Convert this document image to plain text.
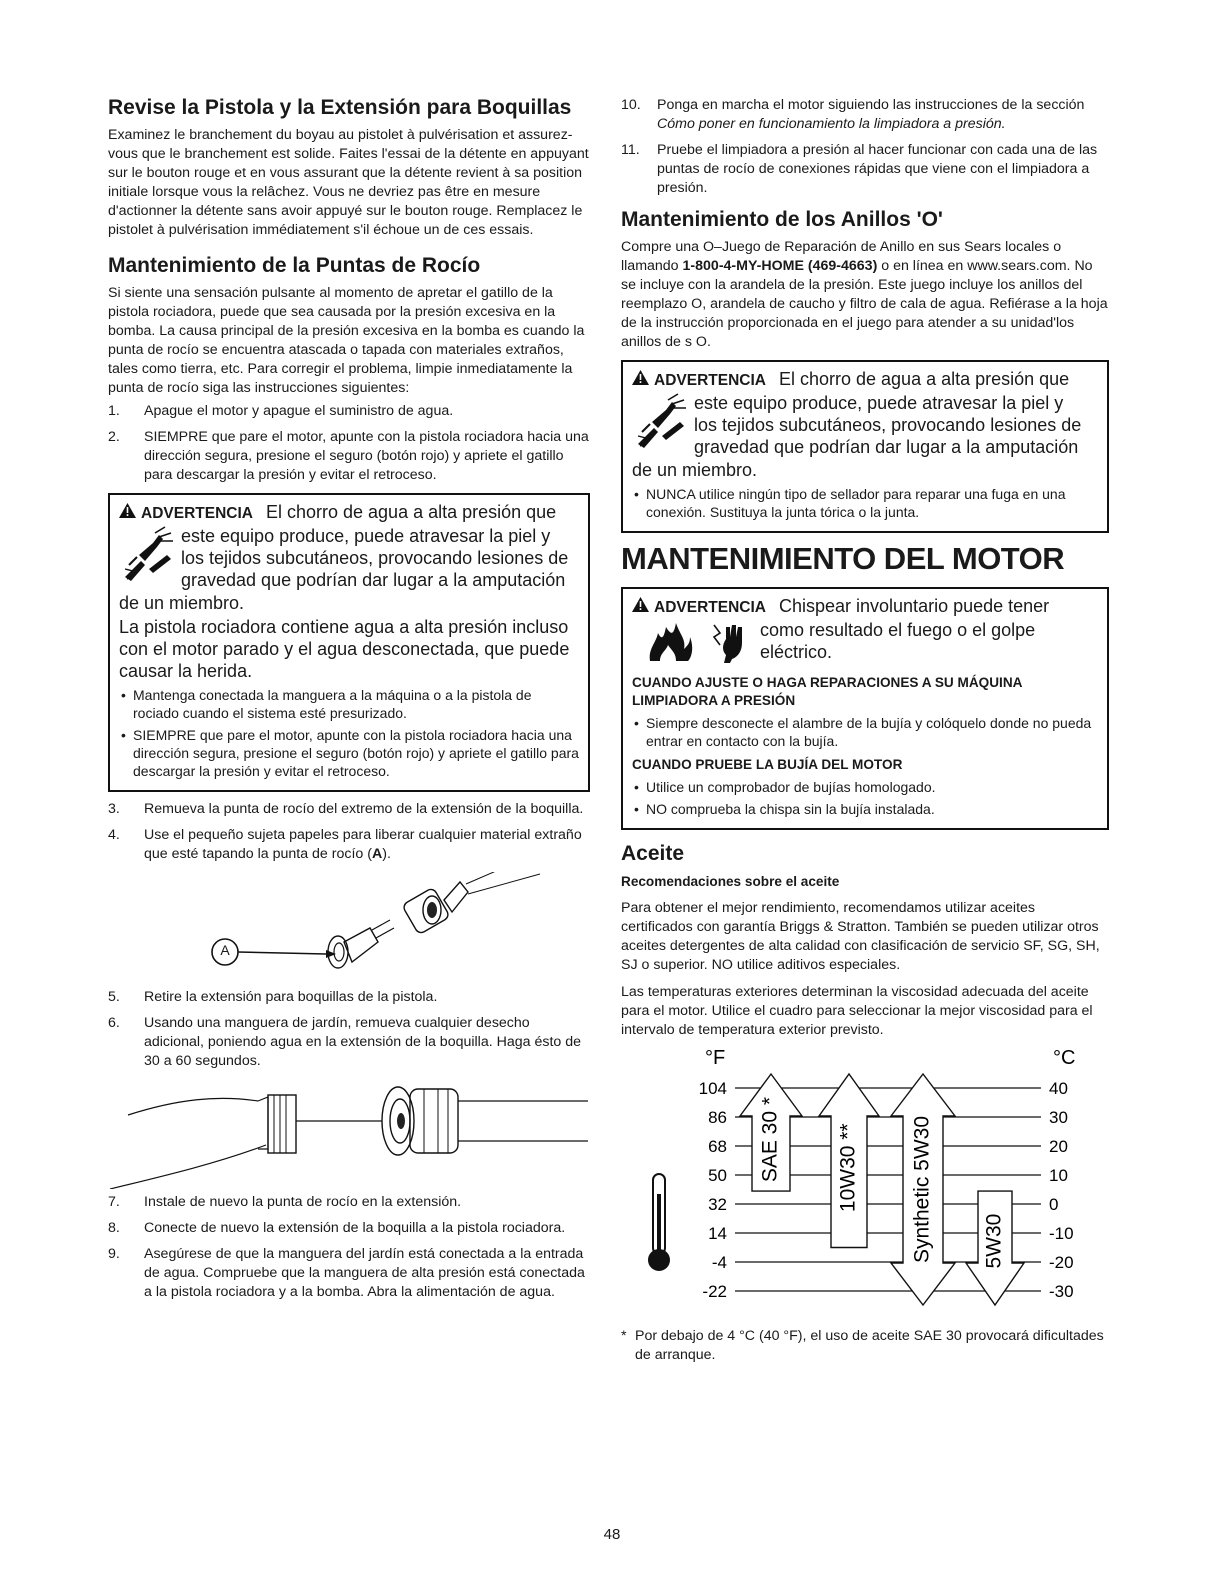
Revise la Pistola y la Extensión para Boquillas

Examinez le branchement du boyau au pistolet à pulvérisation et assurez-vous que le branchement est solide. Faites l'essai de la détente en appuyant sur le bouton rouge et en vous assurant que la détente revient à sa position initiale lorsque vous la relâchez. Vous ne devriez pas être en mesure d'actionner la détente sans avoir appuyé sur le bouton rouge. Remplacez le pistolet à pulvérisation immédiatement s'il échoue un de ces essais.

Mantenimiento de la Puntas de Rocío

Si siente una sensación pulsante al momento de apretar el gatillo de la pistola rociadora, puede que sea causada por la presión excesiva en la bomba. La causa principal de la presión excesiva en la bomba es cuando la punta de rocío se encuentra atascada o tapada con materiales extraños, tales como tierra, etc. Para corregir el problema, limpie inmediatamente la punta de rocío siga las instrucciones siguientes:

1. Apague el motor y apague el suministro de agua.
2. SIEMPRE que pare el motor, apunte con la pistola rociadora hacia una dirección segura, presione el seguro (botón rojo) y apriete el gatillo para descargar la presión y evitar el retroceso.
ADVERTENCIA El chorro de agua a alta presión que
este equipo produce, puede atravesar la piel y
los tejidos subcutáneos, provocando lesiones de
gravedad que podrían dar lugar a la amputación
de un miembro.
La pistola rociadora contiene agua a alta presión incluso con el motor parado y el agua desconectada, que puede causar la herida.
• Mantenga conectada la manguera a la máquina o a la pistola de rociado cuando el sistema esté presurizado.
• SIEMPRE que pare el motor, apunte con la pistola rociadora hacia una dirección segura, presione el seguro (botón rojo) y apriete el gatillo para descargar la presión y evitar el retroceso.
3. Remueva la punta de rocío del extremo de la extensión de la boquilla.
4. Use el pequeño sujeta papeles para liberar cualquier material extraño que esté tapando la punta de rocío (A).
A
5. Retire la extensión para boquillas de la pistola.
6. Usando una manguera de jardín, remueva cualquier desecho adicional, poniendo agua en la extensión de la boquilla. Haga ésto de 30 a 60 segundos.
7. Instale de nuevo la punta de rocío en la extensión.
8. Conecte de nuevo la extensión de la boquilla a la pistola rociadora.
9. Asegúrese de que la manguera del jardín está conectada a la entrada de agua. Compruebe que la manguera de alta presión está conectada a la pistola rociadora y a la bomba. Abra la alimentación de agua.
10. Ponga en marcha el motor siguiendo las instrucciones de la sección Cómo poner en funcionamiento la limpiadora a presión.
11. Pruebe el limpiadora a presión al hacer funcionar con cada una de las puntas de rocío de conexiones rápidas que viene con el limpiadora a presión.
Mantenimiento de los Anillos 'O'

Compre una O–Juego de Reparación de Anillo en sus Sears locales o llamando 1-800-4-MY-HOME (469-4663) o en línea en www.sears.com. No se incluye con la arandela de la presión. Este juego incluye los anillos del reemplazo O, arandela de caucho y filtro de cala de agua. Refiérase a la hoja de la instrucción proporcionada en el juego para atender a su unidad'los anillos de s O.

ADVERTENCIA El chorro de agua a alta presión que
este equipo produce, puede atravesar la piel y
los tejidos subcutáneos, provocando lesiones de
gravedad que podrían dar lugar a la amputación
de un miembro.
• NUNCA utilice ningún tipo de sellador para reparar una fuga en una conexión. Sustituya la junta tórica o la junta.
MANTENIMIENTO DEL MOTOR
ADVERTENCIA Chispear involuntario puede tener
como resultado el fuego o el golpe
eléctrico.
CUANDO AJUSTE O HAGA REPARACIONES A SU MÁQUINA LIMPIADORA A PRESIÓN
• Siempre desconecte el alambre de la bujía y colóquelo donde no pueda entrar en contacto con la bujía.
CUANDO PRUEBE LA BUJÍA DEL MOTOR
• Utilice un comprobador de bujías homologado.
• NO comprueba la chispa sin la bujía instalada.
Aceite
Recomendaciones sobre el aceite

Para obtener el mejor rendimiento, recomendamos utilizar aceites certificados con garantía Briggs & Stratton. También se pueden utilizar otros aceites detergentes de alta calidad con clasificación de servicio SF, SG, SH, SJ o superior. NO utilice aditivos especiales.

Las temperaturas exteriores determinan la viscosidad adecuada del aceite para el motor. Utilice el cuadro para seleccionar la mejor viscosidad para el intervalo de temperatura exterior previsto.

°F	°C
104
86
68
50
32
14
-4
-22
40
30
20
10
0
-10
-20
-30
SAE 30 *	10W30 ** Synthetic 5W30 5W30
* Por debajo de 4 °C (40 °F), el uso de aceite SAE 30 provocará dificultades de arranque.
48
